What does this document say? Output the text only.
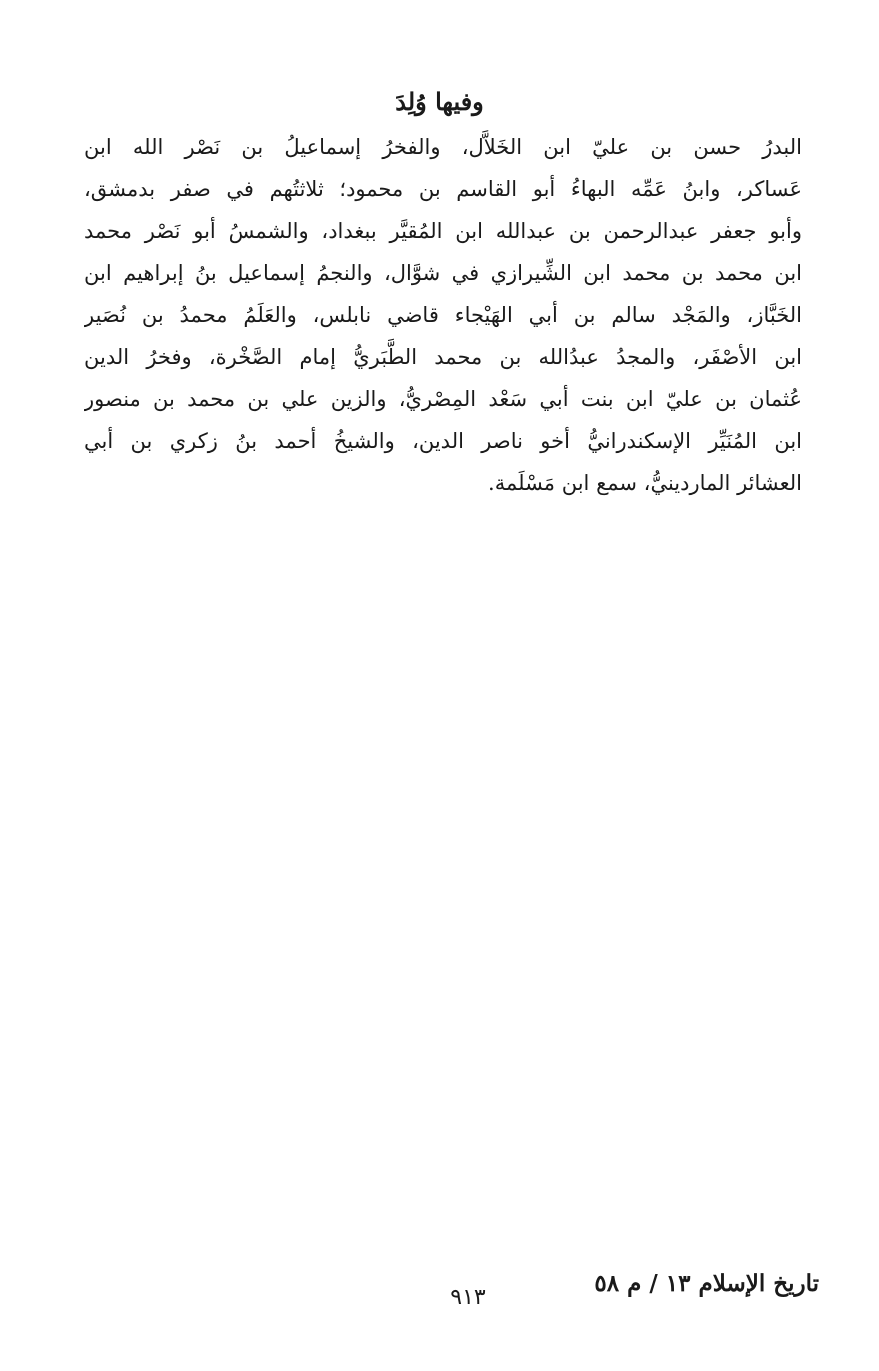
وفيها وُلِدَ
البدرُ حسن بن عليّ ابن الخَلاَّل، والفخرُ إسماعيلُ بن نَصْر الله ابن
عَساكر، وابنُ عَمِّه البهاءُ أبو القاسم بن محمود؛ ثلاثتُهم في صفر بدمشق،
وأبو جعفر عبدالرحمن بن عبدالله ابن المُقيَّر ببغداد، والشمسُ أبو نَصْر محمد
ابن محمد بن محمد ابن الشِّيرازي في شوَّال، والنجمُ إسماعيل بنُ إبراهيم ابن
الخَبَّاز، والمَجْد سالم بن أبي الهَيْجاء قاضي نابلس، والعَلَمُ محمدُ بن نُصَير
ابن الأصْفَر، والمجدُ عبدُالله بن محمد الطَّبَريُّ إمام الصَّخْرة، وفخرُ الدين
عُثمان بن عليّ ابن بنت أبي سَعْد المِصْريُّ، والزين علي بن محمد بن منصور
ابن المُنَيِّر الإسكندرانيُّ أخو ناصر الدين، والشيخُ أحمد بنُ زكري بن أبي
العشائر الماردينيُّ، سمع ابن مَسْلَمة.
تاريخ الإسلام ١٣ / م ٥٨
٩١٣
